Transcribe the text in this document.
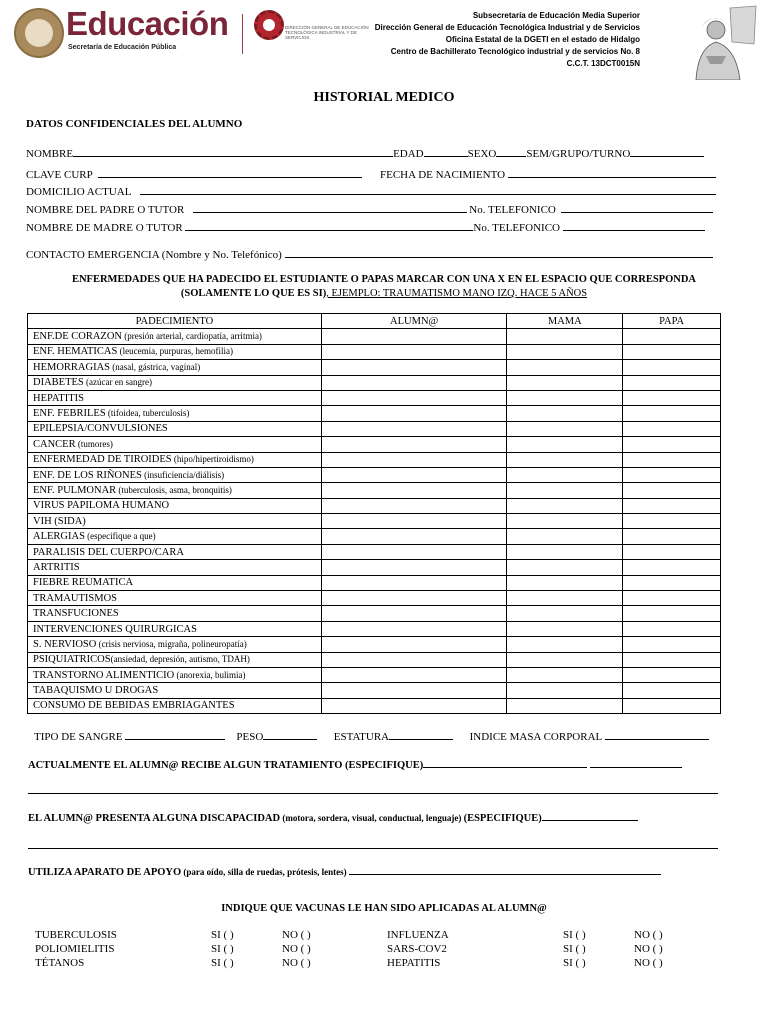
Educación
Secretaría de Educación Pública
DIRECCIÓN GENERAL DE EDUCACIÓN TECNOLÓGICA INDUSTRIAL Y DE SERVICIOS
Subsecretaría de Educación Media Superior
Dirección General de Educación Tecnológica Industrial y de Servicios
Oficina Estatal de la DGETI en el estado de Hidalgo
Centro de Bachillerato Tecnológico industrial y de servicios No. 8
C.C.T. 13DCT0015N
HISTORIAL MEDICO
DATOS CONFIDENCIALES DEL ALUMNO
NOMBRE	EDAD	SEXO	SEM/GRUPO/TURNO
CLAVE CURP	FECHA DE NACIMIENTO
DOMICILIO ACTUAL
NOMBRE DEL PADRE O TUTOR	No. TELEFONICO
NOMBRE DE MADRE O TUTOR	No. TELEFONICO
CONTACTO EMERGENCIA (Nombre y No. Telefónico)
ENFERMEDADES QUE HA PADECIDO EL ESTUDIANTE O PAPAS MARCAR CON UNA X EN EL ESPACIO QUE CORRESPONDA
(SOLAMENTE LO QUE ES SI), EJEMPLO: TRAUMATISMO MANO IZQ. HACE 5 AÑOS
PADECIMIENTO	ALUMN@	MAMA	PAPA
ENF.DE CORAZON (presión arterial, cardiopatía, arritmia)			
ENF. HEMATICAS (leucemia, purpuras, hemofilia)			
HEMORRAGIAS (nasal, gástrica, vaginal)			
DIABETES (azúcar en sangre)			
HEPATITIS			
ENF. FEBRILES (tifoidea, tuberculosis)			
EPILEPSIA/CONVULSIONES			
CANCER (tumores)			
ENFERMEDAD DE TIROIDES (hipo/hipertiroidismo)			
ENF. DE LOS RIÑONES (insuficiencia/diálisis)			
ENF. PULMONAR (tuberculosis, asma, bronquitis)			
VIRUS PAPILOMA HUMANO			
VIH (SIDA)			
ALERGIAS (especifique a que)			
PARALISIS DEL CUERPO/CARA			
ARTRITIS			
FIEBRE REUMATICA			
TRAMAUTISMOS			
TRANSFUCIONES			
INTERVENCIONES QUIRURGICAS			
S. NERVIOSO (crisis nerviosa, migraña, polineuropatía)			
PSIQUIATRICOS(ansiedad, depresión, autismo, TDAH)			
TRANSTORNO ALIMENTICIO (anorexia, bulimia)			
TABAQUISMO U DROGAS			
CONSUMO DE BEBIDAS EMBRIAGANTES			
TIPO DE SANGRE	PESO	ESTATURA	INDICE MASA CORPORAL
ACTUALMENTE EL ALUMN@ RECIBE ALGUN TRATAMIENTO (ESPECIFIQUE)
EL ALUMN@ PRESENTA ALGUNA DISCAPACIDAD (motora, sordera, visual, conductual, lenguaje) (ESPECIFIQUE)
UTILIZA APARATO DE APOYO (para oído, silla de ruedas, prótesis, lentes)
INDIQUE QUE VACUNAS LE HAN SIDO APLICADAS AL ALUMN@
TUBERCULOSIS	SI ( )	NO ( )	INFLUENZA	SI ( )	NO ( )
POLIOMIELITIS	SI ( )	NO ( )	SARS-COV2	SI ( )	NO ( )
TÉTANOS	SI ( )	NO ( )	HEPATITIS	SI ( )	NO ( )
